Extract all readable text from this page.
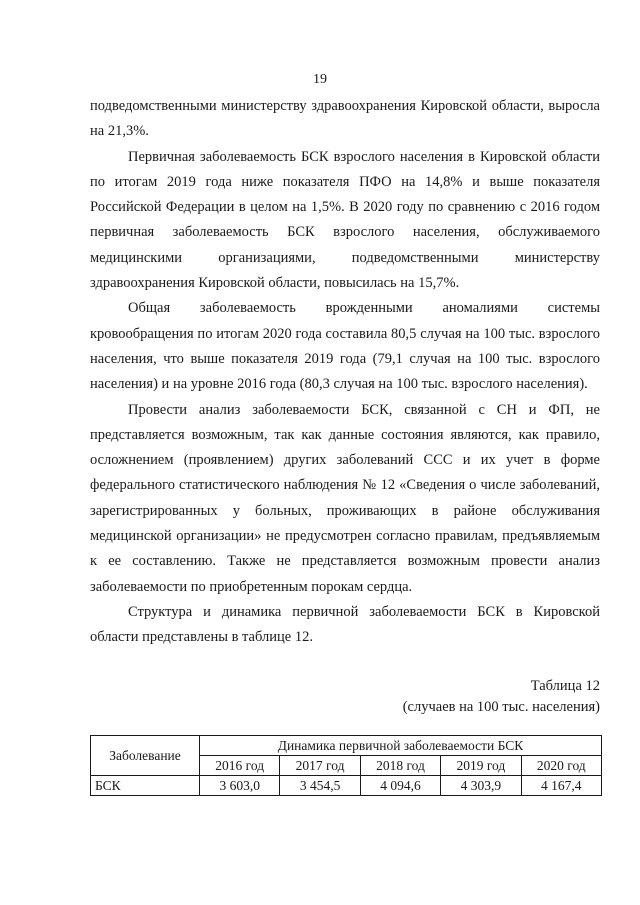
19

подведомственными министерству здравоохранения Кировской области, выросла на 21,3%.

Первичная заболеваемость БСК взрослого населения в Кировской области по итогам 2019 года ниже показателя ПФО на 14,8% и выше показателя Российской Федерации в целом на 1,5%. В 2020 году по сравнению с 2016 годом первичная заболеваемость БСК взрослого населения, обслуживаемого медицинскими организациями, подведомственными министерству здравоохранения Кировской области, повысилась на 15,7%.

Общая заболеваемость врожденными аномалиями системы кровообращения по итогам 2020 года составила 80,5 случая на 100 тыс. взрослого населения, что выше показателя 2019 года (79,1 случая на 100 тыс. взрослого населения) и на уровне 2016 года (80,3 случая на 100 тыс. взрослого населения).

Провести анализ заболеваемости БСК, связанной с СН и ФП, не представляется возможным, так как данные состояния являются, как правило, осложнением (проявлением) других заболеваний ССС и их учет в форме федерального статистического наблюдения № 12 «Сведения о числе заболеваний, зарегистрированных у больных, проживающих в районе обслуживания медицинской организации» не предусмотрен согласно правилам, предъявляемым к ее составлению. Также не представляется возможным провести анализ заболеваемости по приобретенным порокам сердца.

Структура и динамика первичной заболеваемости БСК в Кировской области представлены в таблице 12.

Таблица 12
(случаев на 100 тыс. населения)
Заболевание	Динамика первичной заболеваемости БСК				
	2016 год	2017 год	2018 год	2019 год	2020 год
БСК	3 603,0	3 454,5	4 094,6	4 303,9	4 167,4
